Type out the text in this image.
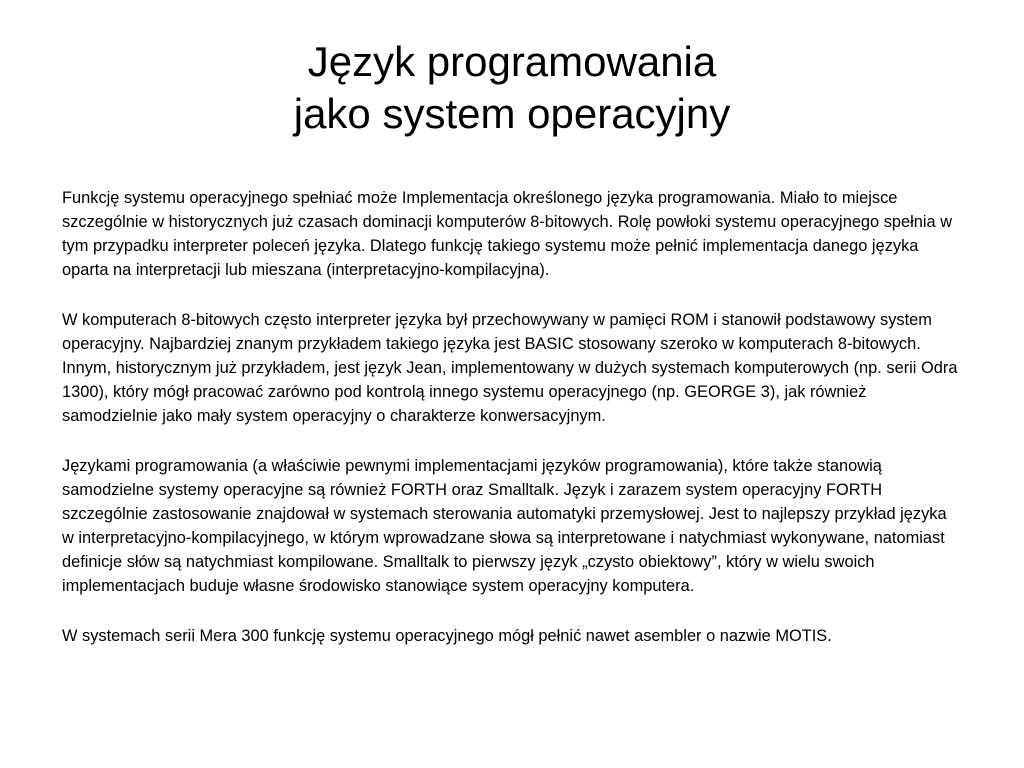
Język programowania
jako system operacyjny

Funkcję systemu operacyjnego spełniać może Implementacja określonego języka programowania. Miało to miejsce szczególnie w historycznych już czasach dominacji komputerów 8-bitowych. Rolę powłoki systemu operacyjnego spełnia w tym przypadku interpreter poleceń języka. Dlatego funkcję takiego systemu może pełnić implementacja danego języka oparta na interpretacji lub mieszana (interpretacyjno-kompilacyjna).

W komputerach 8-bitowych często interpreter języka był przechowywany w pamięci ROM i stanowił podstawowy system operacyjny. Najbardziej znanym przykładem takiego języka jest BASIC stosowany szeroko w komputerach 8-bitowych. Innym, historycznym już przykładem, jest język Jean, implementowany w dużych systemach komputerowych (np. serii Odra 1300), który mógł pracować zarówno pod kontrolą innego systemu operacyjnego (np. GEORGE 3), jak również samodzielnie jako mały system operacyjny o charakterze konwersacyjnym.

Językami programowania (a właściwie pewnymi implementacjami języków programowania), które także stanowią samodzielne systemy operacyjne są również FORTH oraz Smalltalk. Język i zarazem system operacyjny FORTH szczególnie zastosowanie znajdował w systemach sterowania automatyki przemysłowej. Jest to najlepszy przykład języka w interpretacyjno-kompilacyjnego, w którym wprowadzane słowa są interpretowane i natychmiast wykonywane, natomiast definicje słów są natychmiast kompilowane. Smalltalk to pierwszy język „czysto obiektowy”, który w wielu swoich implementacjach buduje własne środowisko stanowiące system operacyjny komputera.

W systemach serii Mera 300 funkcję systemu operacyjnego mógł pełnić nawet asembler o nazwie MOTIS.
